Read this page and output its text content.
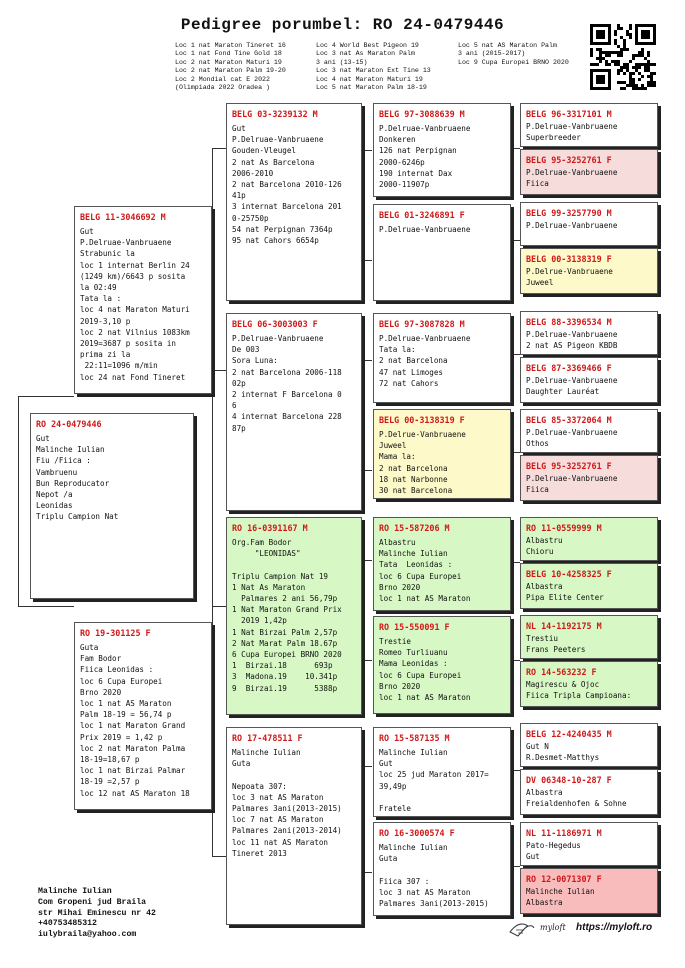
Pedigree porumbel: RO 24-0479446
Loc 1 nat Maraton Tineret 16
Loc 1 nat Fond Tine Gold 18
Loc 2 nat Maraton Maturi 19
Loc 2 nat Maraton Palm 19-20
Loc 2 Mondial cat E 2022
(Olimpiada 2022 Oradea )
Loc 4 World Best Pigeon 19
Loc 3 nat As Maraton Palm
3 ani (13-15)
Loc 3 nat Maraton Ext Tine 13
Loc 4 nat Maraton Maturi 19
Loc 5 nat Maraton Palm 18-19
Loc 5 nat AS Maraton Palm
3 ani (2015-2017)
Loc 9 Cupa Europei BRNO 2020
RO 24-0479446
Gut
Malinche Iulian
Fiu /Fiica :
Vambruenu
Bun Reproducator
Nepot /a
Leonidas
Triplu Campion Nat
BELG 11-3046692 M
Gut
P.Delruae-Vanbruaene
Strabunic la
loc 1 internat Berlin 24
(1249 km)/6643 p sosita
la 02:49
Tata la :
loc 4 nat Maraton Maturi
2019-3,10 p
loc 2 nat Vilnius 1083km
2019=3687 p sosita in
prima zi la
22:11=1096 m/min
loc 24 nat Fond Tineret
RO 19-301125 F
Guta
Fam Bodor
Fiica Leonidas :
loc 6 Cupa Europei
Brno 2020
loc 1 nat AS Maraton
Palm 18-19 = 56,74 p
loc 1 nat Maraton Grand
Prix 2019 = 1,42 p
loc 2 nat Maraton Palma
18-19=18,67 p
loc 1 nat Birzai Palmar
18-19 =2,57 p
loc 12 nat AS Maraton 18
BELG 03-3239132 M
Gut
P.Delruae-Vanbruaene
Gouden-Vleugel
2 nat As Barcelona
2006-2010
2 nat Barcelona 2010-126
41p
3 internat Barcelona 201
0-25750p
54 nat Perpignan 7364p
95 nat Cahors 6654p
BELG 06-3003003 F
P.Delruae-Vanbruaene
De 003
Sora Luna:
2 nat Barcelona 2006-118
02p
2 internat F Barcelona 0
6
4 internat Barcelona 228
87p
RO 16-0391167 M
Org.Fam Bodor
"LEONIDAS"

Triplu Campion Nat 19
1 Nat As Maraton
Palmares 2 ani 56,79p
1 Nat Maraton Grand Prix
2019 1,42p
1 Nat Birzai Palm 2,57p
2 Nat Marat Palm 18.67p
6 Cupa Europei BRNO 2020
1  Birzai.18      693p
3  Madona.19    10.341p
9  Birzai.19      5388p
RO 17-478511 F
Malinche Iulian
Guta

Nepoata 307:
loc 3 nat AS Maraton
Palmares 3ani(2013-2015)
loc 7 nat AS Maraton
Palmares 2ani(2013-2014)
loc 11 nat AS Maraton
Tineret 2013
BELG 97-3088639 M
P.Delruae-Vanbruaene
Donkeren
126 nat Perpignan
2000-6246p
190 internat Dax
2000-11907p
BELG 01-3246891 F
P.Delruae-Vanbruaene
BELG 97-3087828 M
P.Delruae-Vanbruaene
Tata la:
2 nat Barcelona
47 nat Limoges
72 nat Cahors
BELG 00-3138319 F
P.Delrue-Vanbruaene
Juweel
Mama la:
2 nat Barcelona
18 nat Narbonne
30 nat Barcelona
RO 15-587206 M
Albastru
Malinche Iulian
Tata  Leonidas :
loc 6 Cupa Europei
Brno 2020
loc 1 nat AS Maraton
RO 15-550091 F
Trestie
Romeo Turliuanu
Mama Leonidas :
loc 6 Cupa Europei
Brno 2020
loc 1 nat AS Maraton
RO 15-587135 M
Malinche Iulian
Gut
loc 25 jud Maraton 2017=
39,49p

Fratele
RO 16-3000574 F
Malinche Iulian
Guta

Fiica 307 :
loc 3 nat AS Maraton
Palmares 3ani(2013-2015)
BELG 96-3317101 M
P.Delruae-Vanbruaene
Superbreeder
BELG 95-3252761 F
P.Delruae-Vanbruaene
Fiica
BELG 99-3257790 M
P.Delruae-Vanbruaene
BELG 00-3138319 F
P.Delrue-Vanbruaene
Juweel
BELG 88-3396534 M
P.Delruae-Vanbruaene
2 nat AS Pigeon KBDB
BELG 87-3369466 F
P.Delruae-Vanbruaene
Daughter Lauréat
BELG 85-3372064 M
P.Delruae-Vanbruaene
Othos
BELG 95-3252761 F
P.Delruae-Vanbruaene
Fiica
RO 11-0559999 M
Albastru
Chioru
BELG 10-4258325 F
Albastra
Pipa Elite Center
NL 14-1192175 M
Trestiu
Frans Peeters
RO 14-563232 F
Magirescu & Ojoc
Fiica Tripla Campioana:
BELG 12-4240435 M
Gut N
R.Desmet-Matthys
DV 06348-10-287 F
Albastra
Freialdenhofen & Sohne
NL 11-1186971 M
Pato-Hegedus
Gut
RO 12-0071307 F
Malinche Iulian
Albastra
Malinche Iulian
Com Gropeni jud Braila
str Mihai Eminescu nr 42
+40753485312
iulybraila@yahoo.com
myloft https://myloft.ro
